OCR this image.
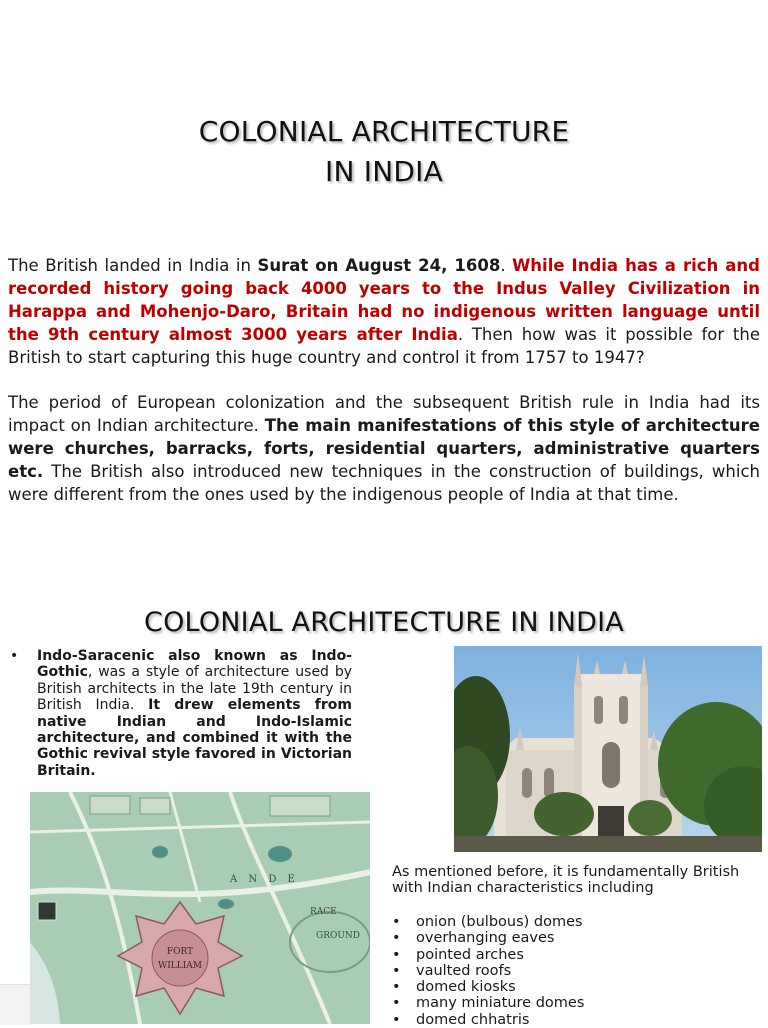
COLONIAL ARCHITECTURE
IN INDIA
The British landed in India in Surat on August 24, 1608. While India has a rich and recorded history going back 4000 years to the Indus Valley Civilization in Harappa and Mohenjo-Daro, Britain had no indigenous written language until the 9th century almost 3000 years after India. Then how was it possible for the British to start capturing this huge country and control it from 1757 to 1947?
The period of European colonization and the subsequent British rule in India had its impact on Indian architecture. The main manifestations of this style of architecture were churches, barracks, forts, residential quarters, administrative quarters etc. The British also introduced new techniques in the construction of buildings, which were different from the ones used by the indigenous people of India at that time.
COLONIAL ARCHITECTURE IN INDIA
• Indo-Saracenic also known as Indo-Gothic, was a style of architecture used by British architects in the late 19th century in British India. It drew elements from native Indian and Indo-Islamic architecture, and combined it with the Gothic revival style favored in Victorian Britain.
FORT
WILLIAM
A N D E
RACE
GROUND
As mentioned before, it is fundamentally British with Indian characteristics including
• onion (bulbous) domes
• overhanging eaves
• pointed arches
• vaulted roofs
• domed kiosks
• many miniature domes
• domed chhatris
